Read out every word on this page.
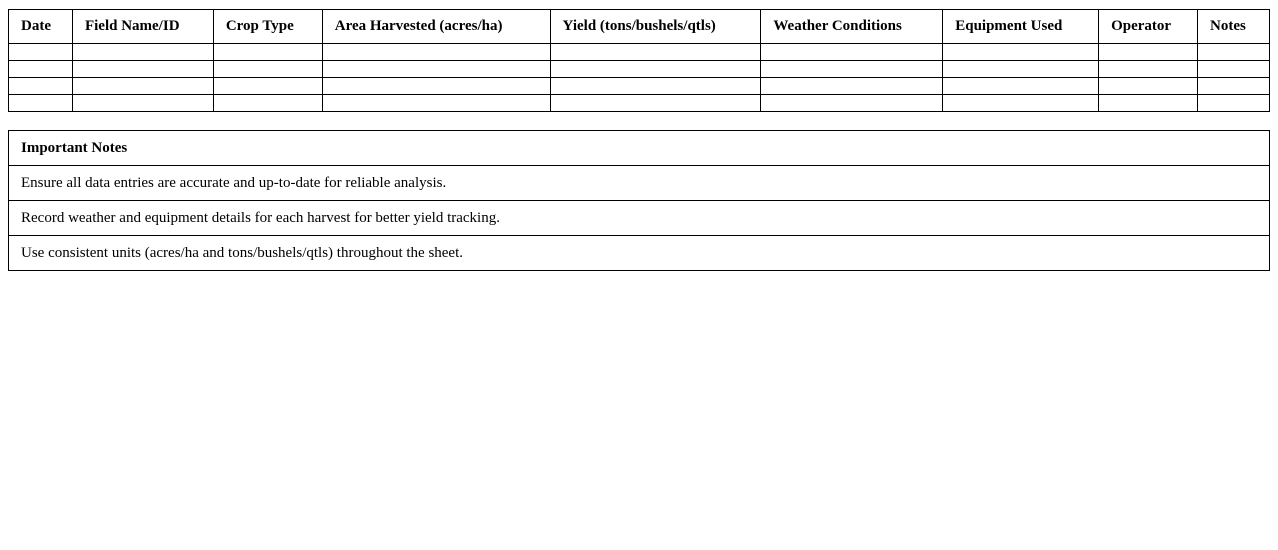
Date	Field Name/ID	Crop Type	Area Harvested (acres/ha)	Yield (tons/bushels/qtls)	Weather Conditions	Equipment Used	Operator	Notes

Important Notes
Ensure all data entries are accurate and up-to-date for reliable analysis.
Record weather and equipment details for each harvest for better yield tracking.
Use consistent units (acres/ha and tons/bushels/qtls) throughout the sheet.
